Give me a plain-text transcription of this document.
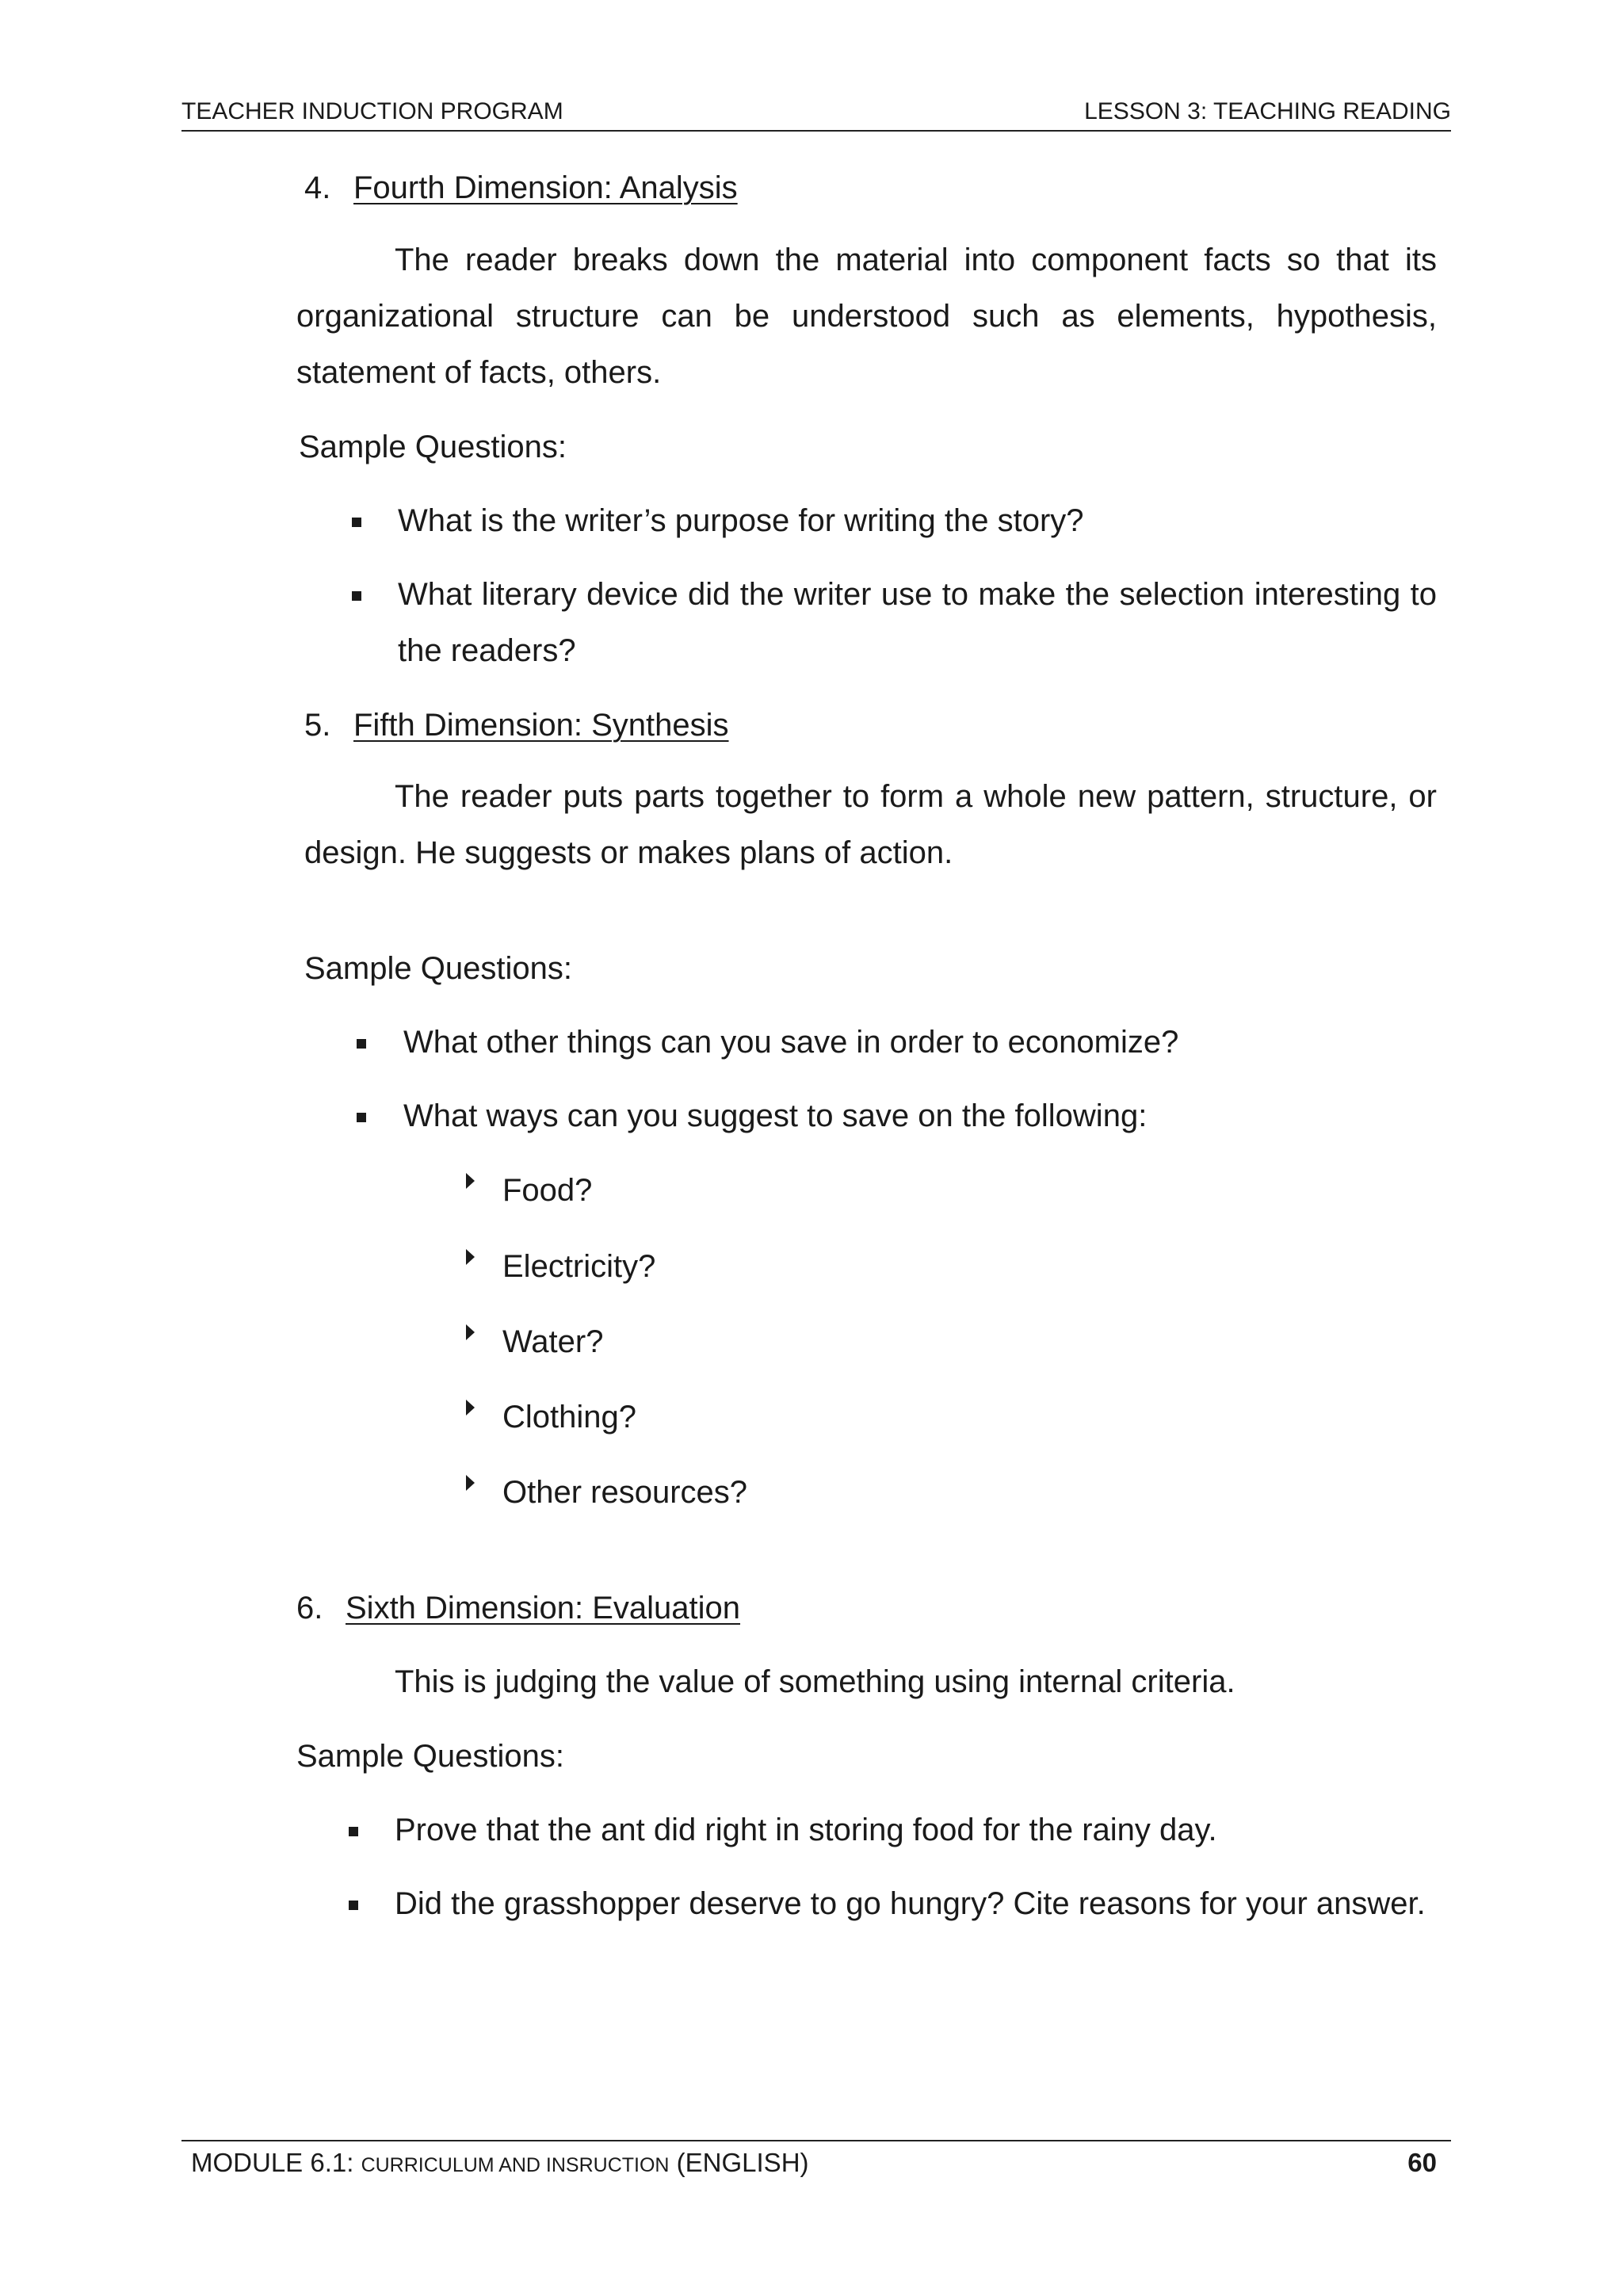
TEACHER INDUCTION PROGRAM	LESSON 3: TEACHING READING
4. Fourth Dimension: Analysis
The reader breaks down the material into component facts so that its organizational structure can be understood such as elements, hypothesis, statement of facts, others.
Sample Questions:
What is the writer’s purpose for writing the story?
What literary device did the writer use to make the selection interesting to the readers?
5. Fifth Dimension: Synthesis
The reader puts parts together to form a whole new pattern, structure, or design. He suggests or makes plans of action.
Sample Questions:
What other things can you save in order to economize?
What ways can you suggest to save on the following:
Food?
Electricity?
Water?
Clothing?
Other resources?
6. Sixth Dimension: Evaluation
This is judging the value of something using internal criteria.
Sample Questions:
Prove that the ant did right in storing food for the rainy day.
Did the grasshopper deserve to go hungry? Cite reasons for your answer.
MODULE 6.1: CURRICULUM AND INSRUCTION (ENGLISH)	60
